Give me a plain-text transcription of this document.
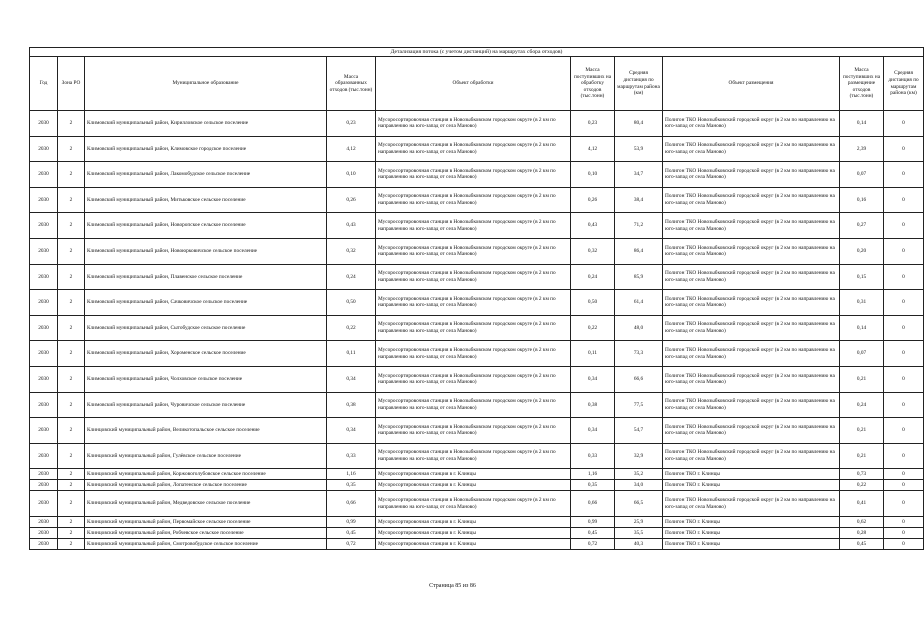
Детализация потока (с учетом дистанций) на маршрутах сбора отходов)									
Год	Зона РО	Муниципальное образование	Масса образованных отходов (тыс.тонн)	Объект обработки	Масса поступивших на обработку отходов (тыс.тонн)	Средняя дистанция по маршрутам района (км)	Объект размещения	Масса поступивших на размещение отходов (тыс.тонн)	Средняя дистанция по маршрутам района (км)
2030	2	Климовский муниципальный район, Кирилловское сельское поселение	0,23	Мусоросортировочная станция в Новозыбковском городском округе (в 2 км по направлению на юго-запад от села Маново)	0,23	80,4	Полигон ТКО Новозыбковский городской округ (в 2 км по направлению на юго-запад от села Маново)	0,14	0
2030	2	Климовский муниципальный район, Климовское городское поселение	4,12	Мусоросортировочная станция в Новозыбковском городском округе (в 2 км по направлению на юго-запад от села Маново)	4,12	53,9	Полигон ТКО Новозыбковский городской округ (в 2 км по направлению на юго-запад от села Маново)	2,39	0
2030	2	Климовский муниципальный район, Лакомобудское сельское поселение	0,10	Мусоросортировочная станция в Новозыбковском городском округе (в 2 км по направлению на юго-запад от села Маново)	0,10	34,7	Полигон ТКО Новозыбковский городской округ (в 2 км по направлению на юго-запад от села Маново)	0,07	0
2030	2	Климовский муниципальный район, Митьковское сельское поселение	0,26	Мусоросортировочная станция в Новозыбковском городском округе (в 2 км по направлению на юго-запад от села Маново)	0,26	38,4	Полигон ТКО Новозыбковский городской округ (в 2 км по направлению на юго-запад от села Маново)	0,16	0
2030	2	Климовский муниципальный район, Новоропское сельское поселение	0,43	Мусоросортировочная станция в Новозыбковском городском округе (в 2 км по направлению на юго-запад от села Маново)	0,43	71,2	Полигон ТКО Новозыбковский городской округ (в 2 км по направлению на юго-запад от села Маново)	0,27	0
2030	2	Климовский муниципальный район, Новоюрковичское сельское поселение	0,32	Мусоросортировочная станция в Новозыбковском городском округе (в 2 км по направлению на юго-запад от села Маново)	0,32	86,4	Полигон ТКО Новозыбковский городской округ (в 2 км по направлению на юго-запад от села Маново)	0,20	0
2030	2	Климовский муниципальный район, Плавенское сельское поселение	0,24	Мусоросортировочная станция в Новозыбковском городском округе (в 2 км по направлению на юго-запад от села Маново)	0,24	85,9	Полигон ТКО Новозыбковский городской округ (в 2 км по направлению на юго-запад от села Маново)	0,15	0
2030	2	Климовский муниципальный район, Сачковичское сельское поселение	0,50	Мусоросортировочная станция в Новозыбковском городском округе (в 2 км по направлению на юго-запад от села Маново)	0,50	61,4	Полигон ТКО Новозыбковский городской округ (в 2 км по направлению на юго-запад от села Маново)	0,31	0
2030	2	Климовский муниципальный район, Сытобудское сельское поселение	0,22	Мусоросортировочная станция в Новозыбковском городском округе (в 2 км по направлению на юго-запад от села Маново)	0,22	48,0	Полигон ТКО Новозыбковский городской округ (в 2 км по направлению на юго-запад от села Маново)	0,14	0
2030	2	Климовский муниципальный район, Хороменское сельское поселение	0,11	Мусоросортировочная станция в Новозыбковском городском округе (в 2 км по направлению на юго-запад от села Маново)	0,11	73,3	Полигон ТКО Новозыбковский городской округ (в 2 км по направлению на юго-запад от села Маново)	0,07	0
2030	2	Климовский муниципальный район, Чолховское сельское поселение	0,34	Мусоросортировочная станция в Новозыбковском городском округе (в 2 км по направлению на юго-запад от села Маново)	0,34	66,6	Полигон ТКО Новозыбковский городской округ (в 2 км по направлению на юго-запад от села Маново)	0,21	0
2030	2	Климовский муниципальный район, Чуровичское сельское поселение	0,38	Мусоросортировочная станция в Новозыбковском городском округе (в 2 км по направлению на юго-запад от села Маново)	0,38	77,5	Полигон ТКО Новозыбковский городской округ (в 2 км по направлению на юго-запад от села Маново)	0,24	0
2030	2	Клинцовский муниципальный район, Великотопальское сельское поселение	0,34	Мусоросортировочная станция в Новозыбковском городском округе (в 2 км по направлению на юго-запад от села Маново)	0,34	54,7	Полигон ТКО Новозыбковский городской округ (в 2 км по направлению на юго-запад от села Маново)	0,21	0
2030	2	Клинцовский муниципальный район, Гулёвское сельское поселение	0,33	Мусоросортировочная станция в Новозыбковском городском округе (в 2 км по направлению на юго-запад от села Маново)	0,33	32,9	Полигон ТКО Новозыбковский городской округ (в 2 км по направлению на юго-запад от села Маново)	0,21	0
2030	2	Клинцовский муниципальный район, Коржовоголубовское сельское поселение	1,16	Мусоросортировочная станция в г. Клинцы	1,16	35,2	Полигон ТКО г. Клинцы	0,73	0
2030	2	Клинцовский муниципальный район, Лопатенское сельское поселение	0,35	Мусоросортировочная станция в г. Клинцы	0,35	34,0	Полигон ТКО г. Клинцы	0,22	0
2030	2	Клинцовский муниципальный район, Медведовское сельское поселение	0,66	Мусоросортировочная станция в Новозыбковском городском округе (в 2 км по направлению на юго-запад от села Маново)	0,66	66,5	Полигон ТКО Новозыбковский городской округ (в 2 км по направлению на юго-запад от села Маново)	0,41	0
2030	2	Клинцовский муниципальный район, Первомайское сельское поселение	0,99	Мусоросортировочная станция в г. Клинцы	0,99	25,9	Полигон ТКО г. Клинцы	0,62	0
2030	2	Клинцовский муниципальный район, Робчевское сельское поселение	0,45	Мусоросортировочная станция в г. Клинцы	0,45	35,5	Полигон ТКО г. Клинцы	0,28	0
2030	2	Клинцовский муниципальный район, Смотровобудское сельское поселение	0,72	Мусоросортировочная станция в г. Клинцы	0,72	40,3	Полигон ТКО г. Клинцы	0,45	0
Страница 85 из 86
